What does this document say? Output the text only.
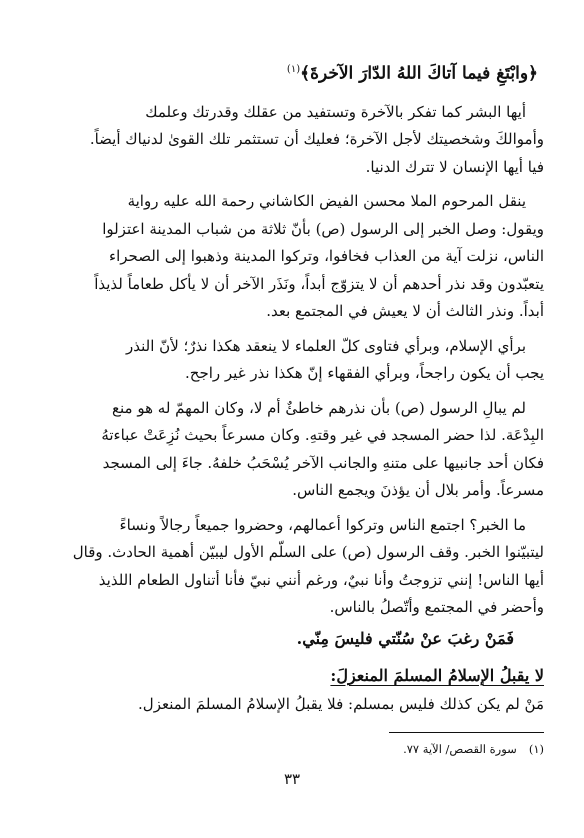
﴿وابْتَغِ فيما آتاكَ اللهُ الدّارَ الآخرةَ﴾$^{(١)}$
أيها البشر كما تفكر بالآخرة وتستفيد من عقلك وقدرتك وعلمك
وأموالكَ وشخصيتك لأجل الآخرة؛ فعليك أن تستثمر تلك القوىٰ لدنياك أيضاً.
فيا أيها الإنسان لا تترك الدنيا.
ينقل المرحوم الملا محسن الفيض الكاشاني رحمة الله عليه رواية
ويقول: وصل الخبر إلى الرسول (ص) بأنّ ثلاثة من شباب المدينة اعتزلوا
الناس، نزلت آية من العذاب فخافوا، وتركوا المدينة وذهبوا إلى الصحراء
يتعبّدون وقد نذر أحدهم أن لا يتزوّج أبداً، ونَذَر الآخر أن لا يأكل طعاماً لذيذاً
أبداً. ونذر الثالث أن لا يعيش في المجتمع بعد.
برأي الإسلام، وبرأي فتاوى كلّ العلماء لا ينعقد هكذا نذرٌ؛ لأنّ النذر
يجب أن يكون راجحاً، وبرأي الفقهاء إنّ هكذا نذر غير راجح.
لم يبالِ الرسول (ص) بأن نذرهم خاطئٌ أم لا، وكان المهمّ له هو منع
البِدْعَة. لذا حضر المسجد في غير وقتهِ. وكان مسرعاً بحيث نُزِعَتْ عباءتهُ
فكان أحد جانبيها على متنهِ والجانب الآخر يُسْحَبُ خلفهُ. جاءَ إلى المسجد
مسرعاً. وأمر بلال أن يؤذنَ ويجمع الناس.
ما الخبر؟ اجتمع الناس وتركوا أعمالهم، وحضروا جميعاً رجالاً ونساءً
ليتبيّنوا الخبر. وقف الرسول (ص) على السلّم الأول ليبيّن أهمية الحادث. وقال
أيها الناس! إنني تزوجتُ وأنا نبيٌ، ورغم أنني نبيّ فأنا أتناول الطعام اللذيذ
وأحضر في المجتمع وأتّصلُ بالناس.
فَمَنْ رغبَ عنْ سُنّتي فليسَ مِنّي.
لا يقبلُ الإسلامُ المسلمَ المنعزلَ:
مَنْ لم يكن كذلك فليس بمسلم: فلا يقبلُ الإسلامُ المسلمَ المنعزل.
(١)سورة القصص/ الآية ٧٧.
٣٣
